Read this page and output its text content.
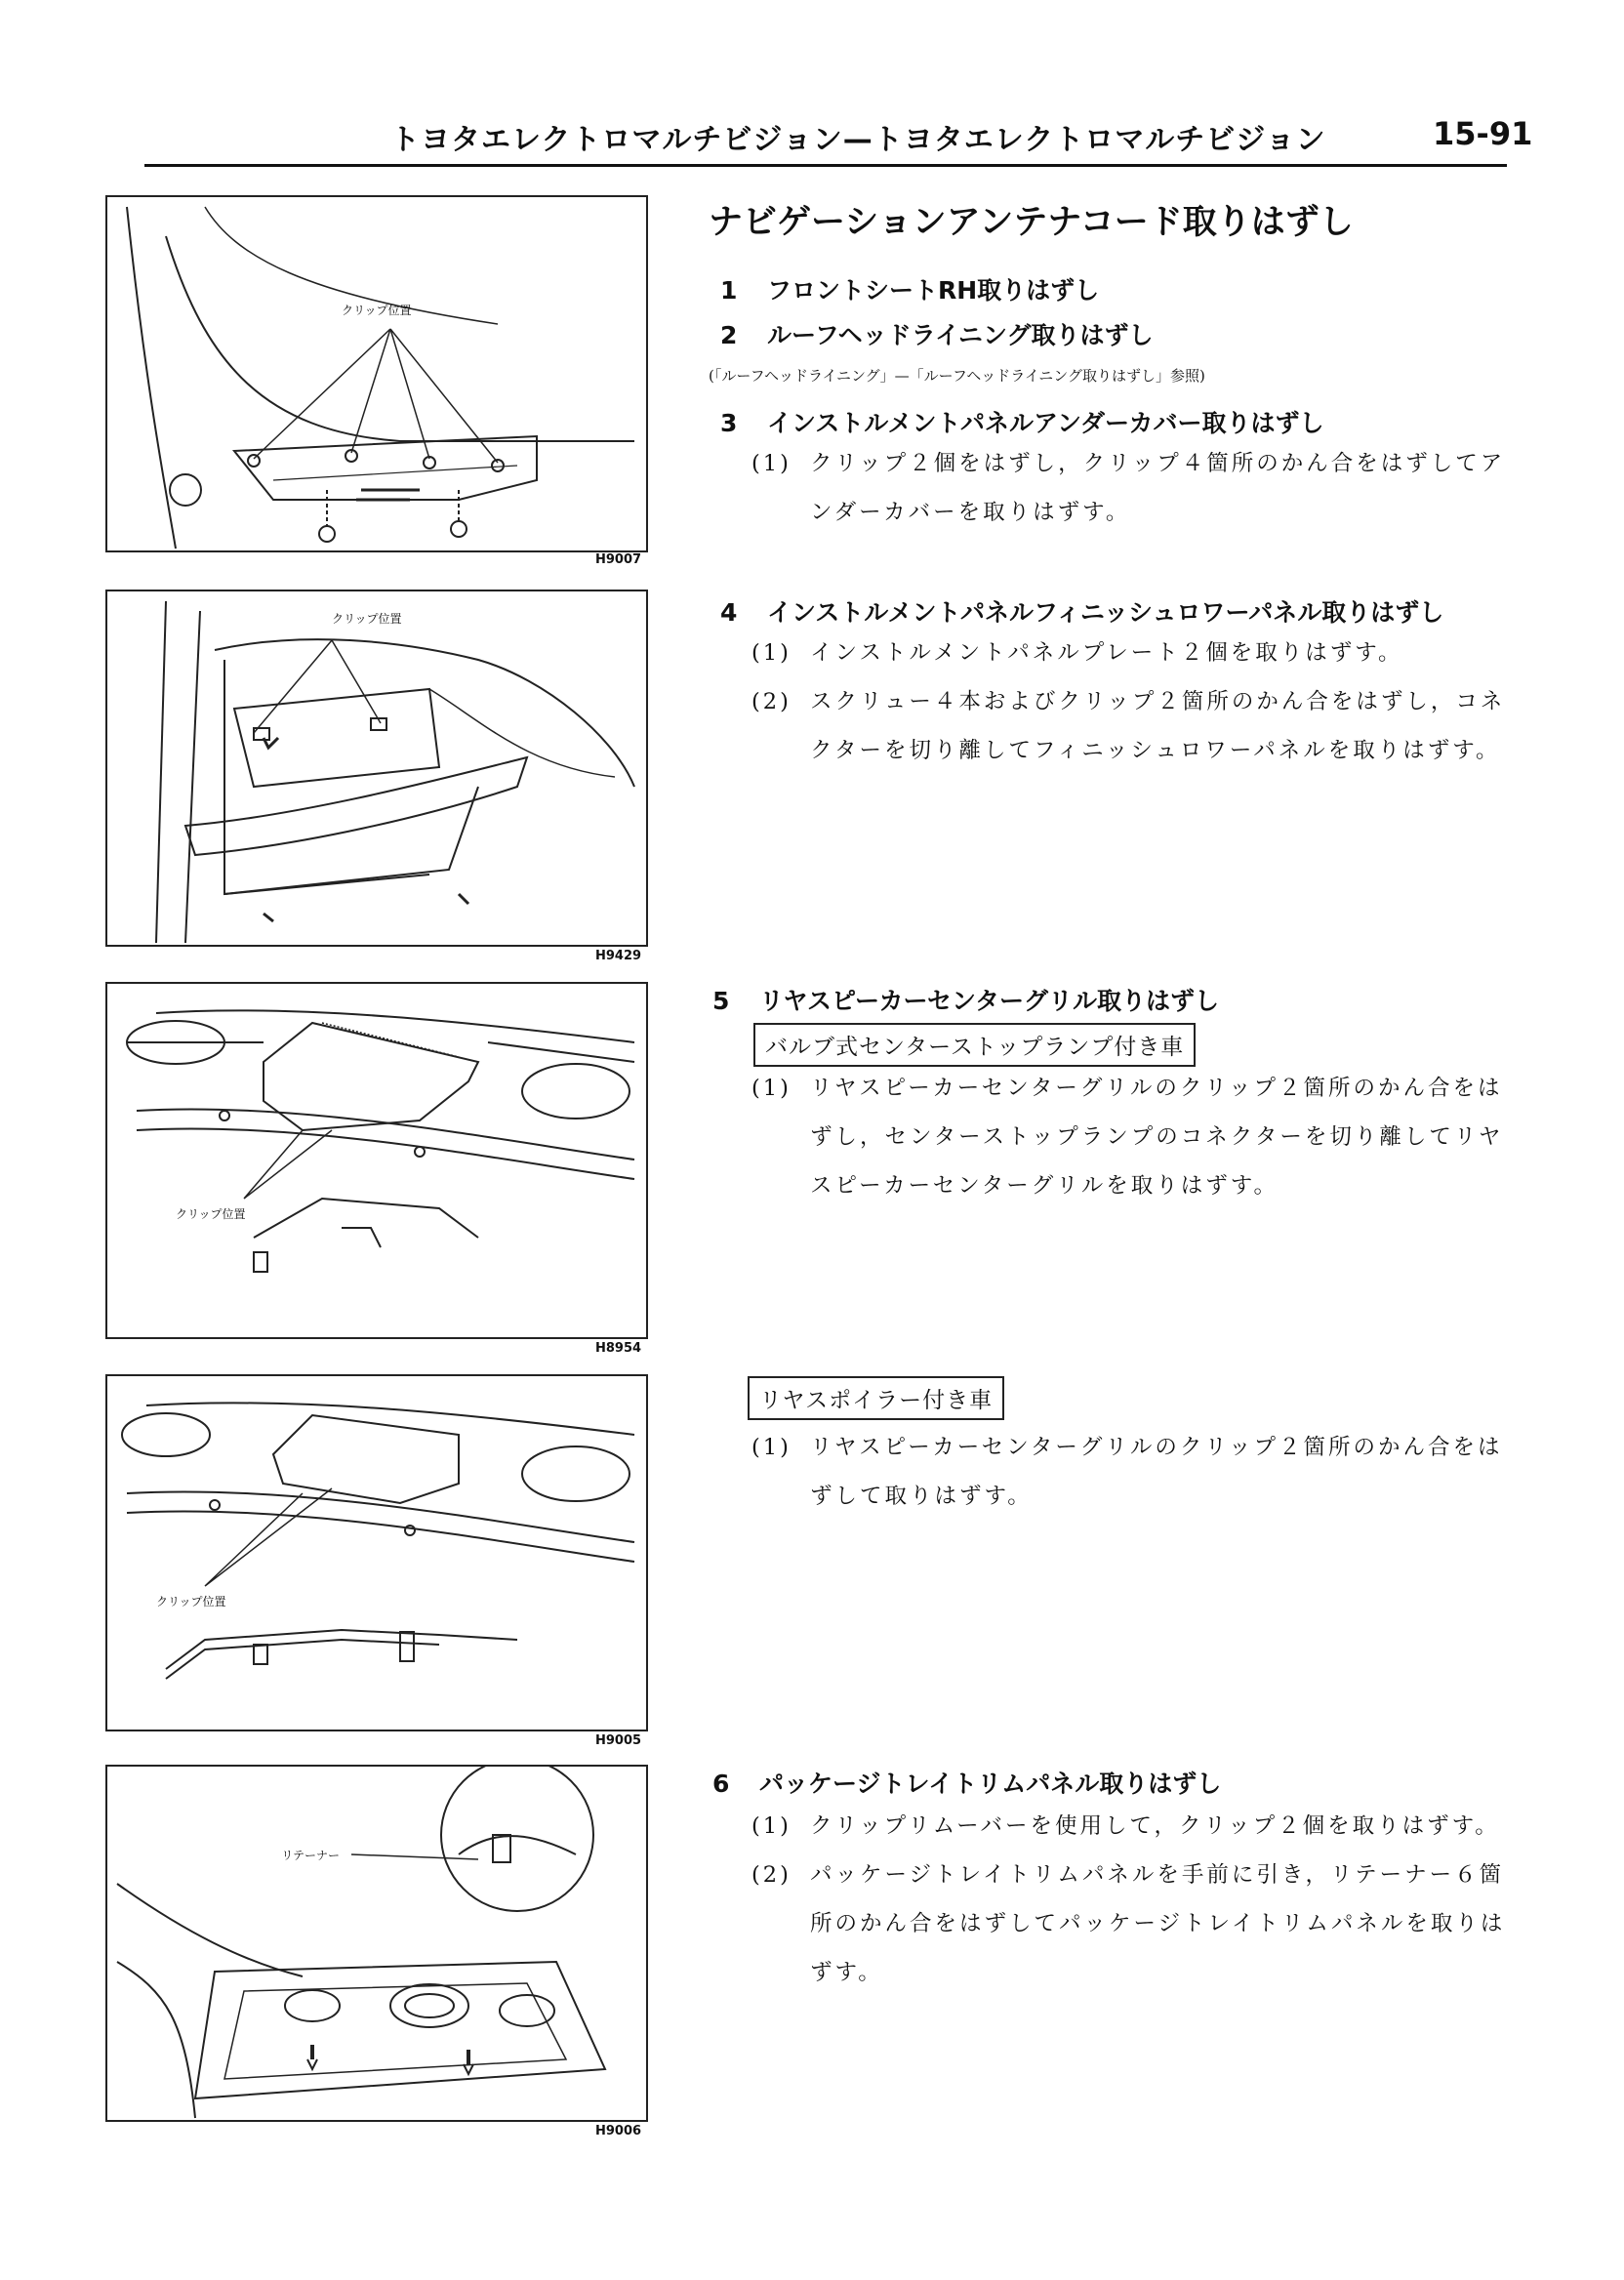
トヨタエレクトロマルチビジョン—トヨタエレクトロマルチビジョン	15-91
クリップ位置
H9007
クリップ位置
H9429
クリップ位置
H8954
クリップ位置
H9005
リテーナー
H9006
ナビゲーションアンテナコード取りはずし
1 フロントシートRH取りはずし
2 ルーフヘッドライニング取りはずし
(「ルーフヘッドライニング」—「ルーフヘッドライニング取りはずし」参照)
3 インストルメントパネルアンダーカバー取りはずし
(1) クリップ２個をはずし，クリップ４箇所のかん合をはずしてアンダーカバーを取りはずす。
4 インストルメントパネルフィニッシュロワーパネル取りはずし
(1) インストルメントパネルプレート２個を取りはずす。
(2) スクリュー４本およびクリップ２箇所のかん合をはずし，コネクターを切り離してフィニッシュロワーパネルを取りはずす。
5 リヤスピーカーセンターグリル取りはずし
バルブ式センターストップランプ付き車
(1) リヤスピーカーセンターグリルのクリップ２箇所のかん合をはずし，センターストップランプのコネクターを切り離してリヤスピーカーセンターグリルを取りはずす。
リヤスポイラー付き車
(1) リヤスピーカーセンターグリルのクリップ２箇所のかん合をはずして取りはずす。
6 パッケージトレイトリムパネル取りはずし
(1) クリップリムーバーを使用して，クリップ２個を取りはずす。
(2) パッケージトレイトリムパネルを手前に引き，リテーナー６箇所のかん合をはずしてパッケージトレイトリムパネルを取りはずす。
